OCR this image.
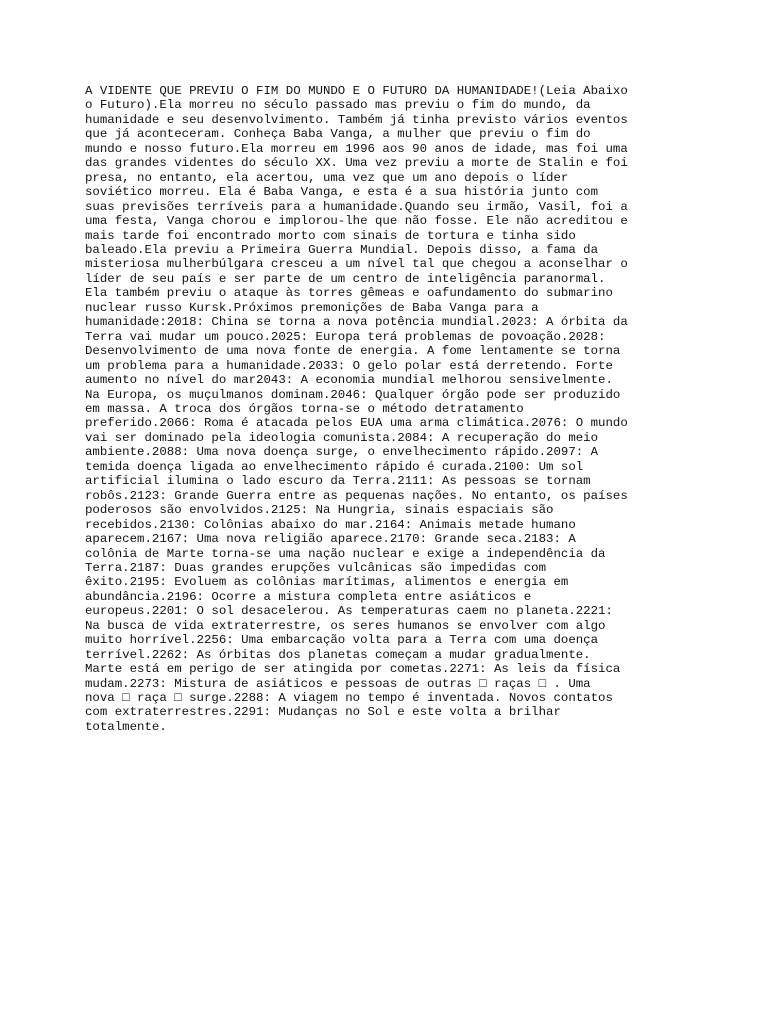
A VIDENTE QUE PREVIU O FIM DO MUNDO E O FUTURO DA HUMANIDADE!(Leia Abaixo
o Futuro).Ela morreu no século passado mas previu o fim do mundo, da
humanidade e seu desenvolvimento. Também já tinha previsto vários eventos
que já aconteceram. Conheça Baba Vanga, a mulher que previu o fim do
mundo e nosso futuro.Ela morreu em 1996 aos 90 anos de idade, mas foi uma
das grandes videntes do século XX. Uma vez previu a morte de Stalin e foi
presa, no entanto, ela acertou, uma vez que um ano depois o líder
soviético morreu. Ela é Baba Vanga, e esta é a sua história junto com
suas previsões terríveis para a humanidade.Quando seu irmão, Vasil, foi a
uma festa, Vanga chorou e implorou-lhe que não fosse. Ele não acreditou e
mais tarde foi encontrado morto com sinais de tortura e tinha sido
baleado.Ela previu a Primeira Guerra Mundial. Depois disso, a fama da
misteriosa mulherbúlgara cresceu a um nível tal que chegou a aconselhar o
líder de seu país e ser parte de um centro de inteligência paranormal.
Ela também previu o ataque às torres gêmeas e oafundamento do submarino
nuclear russo Kursk.Próximos premonições de Baba Vanga para a
humanidade:2018: China se torna a nova potência mundial.2023: A órbita da
Terra vai mudar um pouco.2025: Europa terá problemas de povoação.2028:
Desenvolvimento de uma nova fonte de energia. A fome lentamente se torna
um problema para a humanidade.2033: O gelo polar está derretendo. Forte
aumento no nível do mar2043: A economia mundial melhorou sensivelmente.
Na Europa, os muçulmanos dominam.2046: Qualquer órgão pode ser produzido
em massa. A troca dos órgãos torna-se o método detratamento
preferido.2066: Roma é atacada pelos EUA uma arma climática.2076: O mundo
vai ser dominado pela ideologia comunista.2084: A recuperação do meio
ambiente.2088: Uma nova doença surge, o envelhecimento rápido.2097: A
temida doença ligada ao envelhecimento rápido é curada.2100: Um sol
artificial ilumina o lado escuro da Terra.2111: As pessoas se tornam
robôs.2123: Grande Guerra entre as pequenas nações. No entanto, os países
poderosos são envolvidos.2125: Na Hungria, sinais espaciais são
recebidos.2130: Colônias abaixo do mar.2164: Animais metade humano
aparecem.2167: Uma nova religião aparece.2170: Grande seca.2183: A
colônia de Marte torna-se uma nação nuclear e exige a independência da
Terra.2187: Duas grandes erupções vulcânicas são impedidas com
êxito.2195: Evoluem as colônias marítimas, alimentos e energia em
abundância.2196: Ocorre a mistura completa entre asiáticos e
europeus.2201: O sol desacelerou. As temperaturas caem no planeta.2221:
Na busca de vida extraterrestre, os seres humanos se envolver com algo
muito horrível.2256: Uma embarcação volta para a Terra com uma doença
terrível.2262: As órbitas dos planetas começam a mudar gradualmente.
Marte está em perigo de ser atingida por cometas.2271: As leis da física
mudam.2273: Mistura de asiáticos e pessoas de outras □ raças □ . Uma
nova □ raça □ surge.2288: A viagem no tempo é inventada. Novos contatos
com extraterrestres.2291: Mudanças no Sol e este volta a brilhar
totalmente.
